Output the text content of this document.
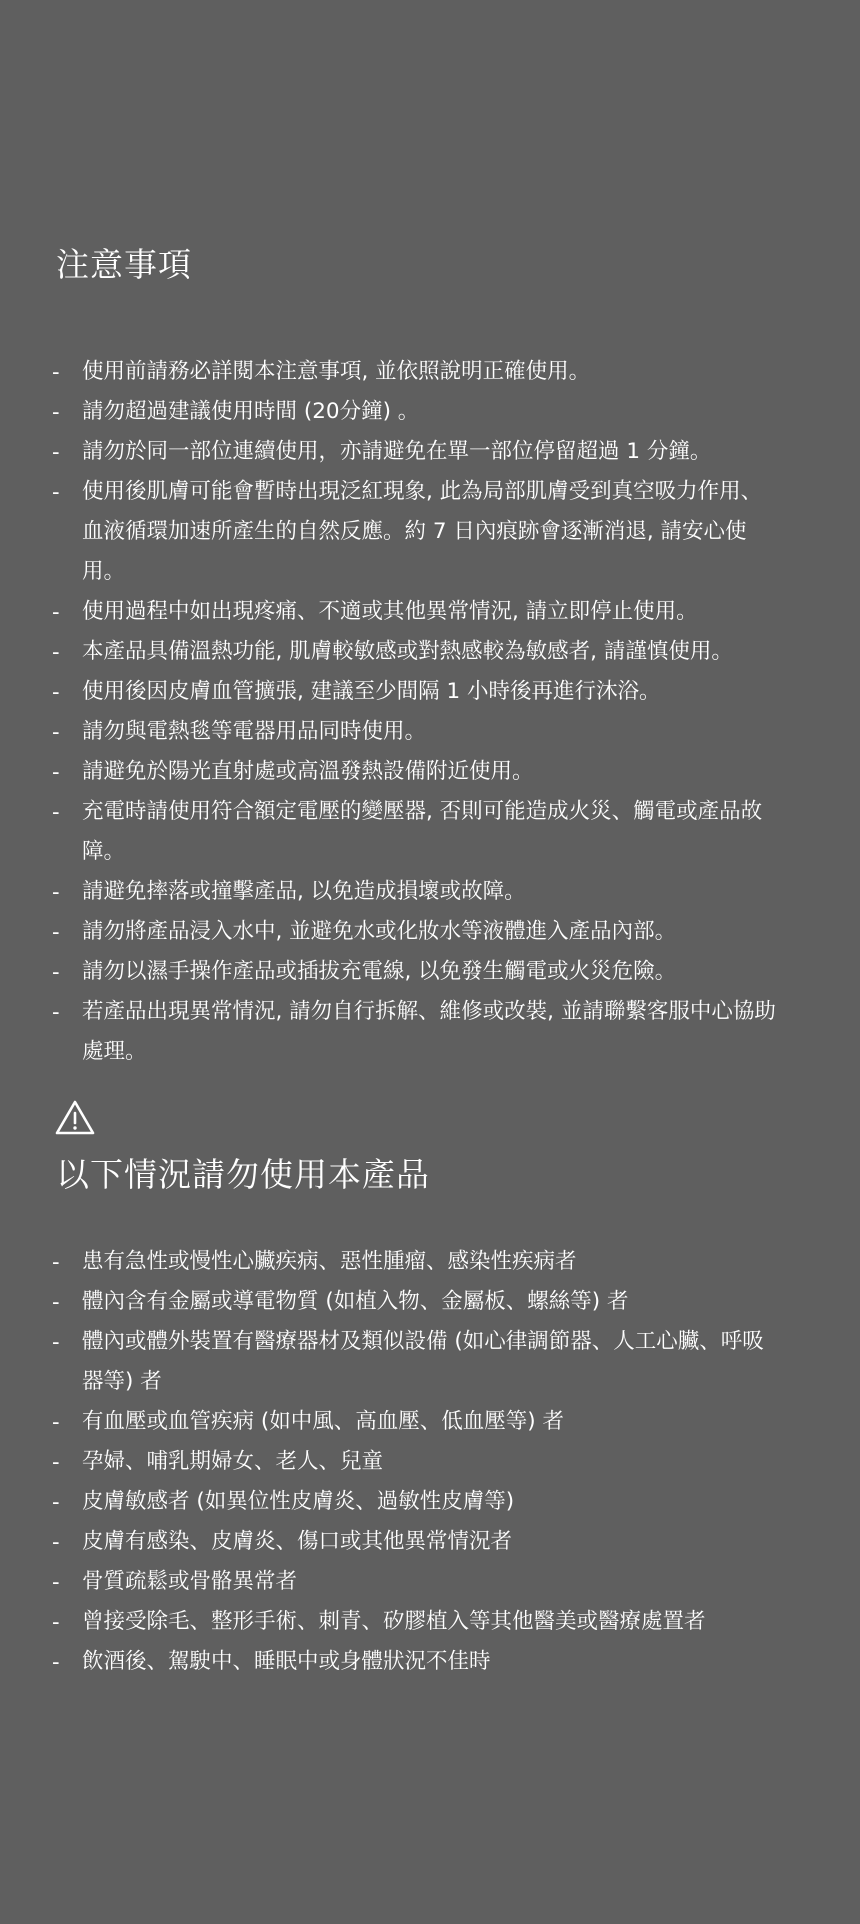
注意事項
- 使用前請務必詳閱本注意事項, 並依照說明正確使用。
- 請勿超過建議使用時間 (20分鐘) 。
- 請勿於同一部位連續使用，亦請避免在單一部位停留超過 1 分鐘。
- 使用後肌膚可能會暫時出現泛紅現象, 此為局部肌膚受到真空吸力作用、血液循環加速所產生的自然反應。約 7 日內痕跡會逐漸消退, 請安心使用。
- 使用過程中如出現疼痛、不適或其他異常情況, 請立即停止使用。
- 本產品具備溫熱功能, 肌膚較敏感或對熱感較為敏感者, 請謹慎使用。
- 使用後因皮膚血管擴張, 建議至少間隔 1 小時後再進行沐浴。
- 請勿與電熱毯等電器用品同時使用。
- 請避免於陽光直射處或高溫發熱設備附近使用。
- 充電時請使用符合額定電壓的變壓器, 否則可能造成火災、觸電或產品故障。
- 請避免摔落或撞擊產品, 以免造成損壞或故障。
- 請勿將產品浸入水中, 並避免水或化妝水等液體進入產品內部。
- 請勿以濕手操作產品或插拔充電線, 以免發生觸電或火災危險。
- 若產品出現異常情況, 請勿自行拆解、維修或改裝, 並請聯繫客服中心協助處理。
以下情況請勿使用本產品
- 患有急性或慢性心臟疾病、惡性腫瘤、感染性疾病者
- 體內含有金屬或導電物質 (如植入物、金屬板、螺絲等) 者
- 體內或體外裝置有醫療器材及類似設備 (如心律調節器、人工心臟、呼吸器等) 者
- 有血壓或血管疾病 (如中風、高血壓、低血壓等) 者
- 孕婦、哺乳期婦女、老人、兒童
- 皮膚敏感者 (如異位性皮膚炎、過敏性皮膚等)
- 皮膚有感染、皮膚炎、傷口或其他異常情況者
- 骨質疏鬆或骨骼異常者
- 曾接受除毛、整形手術、刺青、矽膠植入等其他醫美或醫療處置者
- 飲酒後、駕駛中、睡眠中或身體狀況不佳時
